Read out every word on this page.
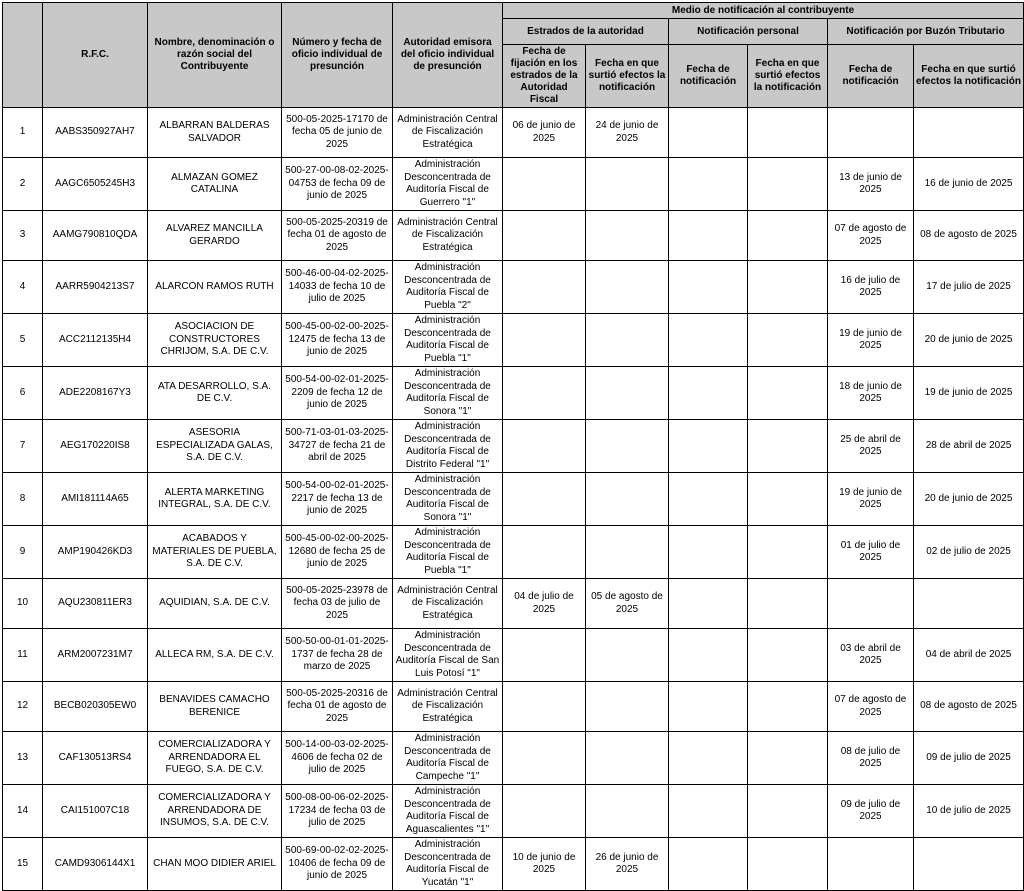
	R.F.C.	Nombre, denominación o razón social del Contribuyente	Número y fecha de oficio individual de presunción	Autoridad emisora del oficio individual de presunción	Medio de notificación al contribuyente					
					Estrados de la autoridad		Notificación personal		Notificación por Buzón Tributario	
					Fecha de fijación en los estrados de la Autoridad Fiscal	Fecha en que surtió efectos la notificación	Fecha de notificación	Fecha en que surtió efectos la notificación	Fecha de notificación	Fecha en que surtió efectos la notificación
1	AABS350927AH7	ALBARRAN BALDERAS SALVADOR	500-05-2025-17170 de fecha 05 de junio de 2025	Administración Central de Fiscalización Estratégica	06 de junio de 2025	24 de junio de 2025				
2	AAGC6505245H3	ALMAZAN GOMEZ CATALINA	500-27-00-08-02-2025-04753 de fecha 09 de junio de 2025	Administración Desconcentrada de Auditoría Fiscal de Guerrero "1"					13 de junio de 2025	16 de junio de 2025
3	AAMG790810QDA	ALVAREZ MANCILLA GERARDO	500-05-2025-20319 de fecha 01 de agosto de 2025	Administración Central de Fiscalización Estratégica					07 de agosto de 2025	08 de agosto de 2025
4	AARR5904213S7	ALARCON RAMOS RUTH	500-46-00-04-02-2025-14033 de fecha 10 de julio de 2025	Administración Desconcentrada de Auditoría Fiscal de Puebla "2"					16 de julio de 2025	17 de julio de 2025
5	ACC2112135H4	ASOCIACION DE CONSTRUCTORES CHRIJOM, S.A. DE C.V.	500-45-00-02-00-2025-12475 de fecha 13 de junio de 2025	Administración Desconcentrada de Auditoría Fiscal de Puebla "1"					19 de junio de 2025	20 de junio de 2025
6	ADE2208167Y3	ATA DESARROLLO, S.A. DE C.V.	500-54-00-02-01-2025-2209 de fecha 12 de junio de 2025	Administración Desconcentrada de Auditoría Fiscal de Sonora "1"					18 de junio de 2025	19 de junio de 2025
7	AEG170220IS8	ASESORIA ESPECIALIZADA GALAS, S.A. DE C.V.	500-71-03-01-03-2025-34727 de fecha 21 de abril de 2025	Administración Desconcentrada de Auditoría Fiscal de Distrito Federal "1"					25 de abril de 2025	28 de abril de 2025
8	AMI181114A65	ALERTA MARKETING INTEGRAL, S.A. DE C.V.	500-54-00-02-01-2025-2217 de fecha 13 de junio de 2025	Administración Desconcentrada de Auditoría Fiscal de Sonora "1"					19 de junio de 2025	20 de junio de 2025
9	AMP190426KD3	ACABADOS Y MATERIALES DE PUEBLA, S.A. DE C.V.	500-45-00-02-00-2025-12680 de fecha 25 de junio de 2025	Administración Desconcentrada de Auditoría Fiscal de Puebla "1"					01 de julio de 2025	02 de julio de 2025
10	AQU230811ER3	AQUIDIAN, S.A. DE C.V.	500-05-2025-23978 de fecha 03 de julio de 2025	Administración Central de Fiscalización Estratégica	04 de julio de 2025	05 de agosto de 2025				
11	ARM2007231M7	ALLECA RM, S.A. DE C.V.	500-50-00-01-01-2025-1737 de fecha 28 de marzo de 2025	Administración Desconcentrada de Auditoría Fiscal de San Luis Potosí "1"					03 de abril de 2025	04 de abril de 2025
12	BECB020305EW0	BENAVIDES CAMACHO BERENICE	500-05-2025-20316 de fecha 01 de agosto de 2025	Administración Central de Fiscalización Estratégica					07 de agosto de 2025	08 de agosto de 2025
13	CAF130513RS4	COMERCIALIZADORA Y ARRENDADORA EL FUEGO, S.A. DE C.V.	500-14-00-03-02-2025-4606 de fecha 02 de julio de 2025	Administración Desconcentrada de Auditoría Fiscal de Campeche "1"					08 de julio de 2025	09 de julio de 2025
14	CAI151007C18	COMERCIALIZADORA Y ARRENDADORA DE INSUMOS, S.A. DE C.V.	500-08-00-06-02-2025-17234 de fecha 03 de julio de 2025	Administración Desconcentrada de Auditoría Fiscal de Aguascalientes "1"					09 de julio de 2025	10 de julio de 2025
15	CAMD9306144X1	CHAN MOO DIDIER ARIEL	500-69-00-02-02-2025-10406 de fecha 09 de junio de 2025	Administración Desconcentrada de Auditoría Fiscal de Yucatán "1"	10 de junio de 2025	26 de junio de 2025				
